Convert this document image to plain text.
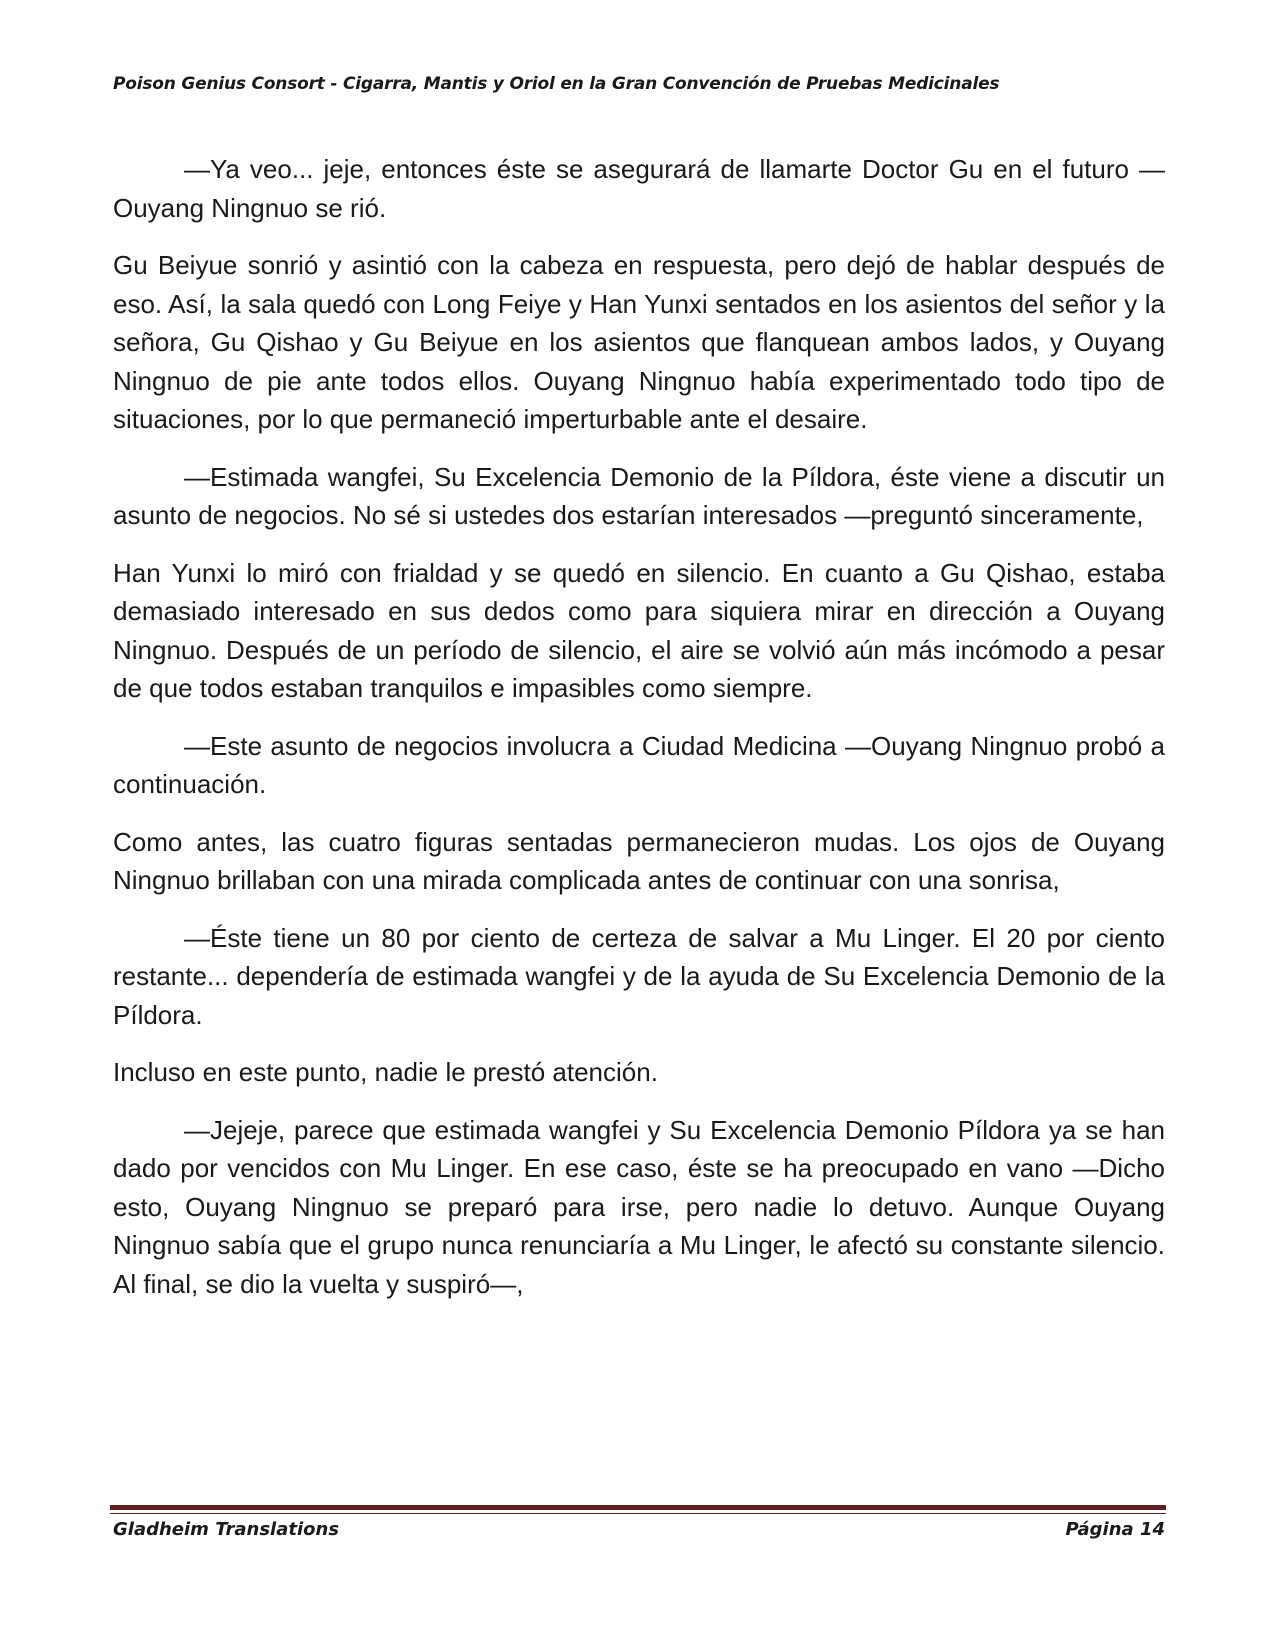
Poison Genius Consort - Cigarra, Mantis y Oriol en la Gran Convención de Pruebas Medicinales

—Ya veo... jeje, entonces éste se asegurará de llamarte Doctor Gu en el futuro —Ouyang Ningnuo se rió.

Gu Beiyue sonrió y asintió con la cabeza en respuesta, pero dejó de hablar después de eso. Así, la sala quedó con Long Feiye y Han Yunxi sentados en los asientos del señor y la señora, Gu Qishao y Gu Beiyue en los asientos que flanquean ambos lados, y Ouyang Ningnuo de pie ante todos ellos. Ouyang Ningnuo había experimentado todo tipo de situaciones, por lo que permaneció imperturbable ante el desaire.

—Estimada wangfei, Su Excelencia Demonio de la Píldora, éste viene a discutir un asunto de negocios. No sé si ustedes dos estarían interesados —preguntó sinceramente,

Han Yunxi lo miró con frialdad y se quedó en silencio. En cuanto a Gu Qishao, estaba demasiado interesado en sus dedos como para siquiera mirar en dirección a Ouyang Ningnuo. Después de un período de silencio, el aire se volvió aún más incómodo a pesar de que todos estaban tranquilos e impasibles como siempre.

—Este asunto de negocios involucra a Ciudad Medicina —Ouyang Ningnuo probó a continuación.

Como antes, las cuatro figuras sentadas permanecieron mudas. Los ojos de Ouyang Ningnuo brillaban con una mirada complicada antes de continuar con una sonrisa,

—Éste tiene un 80 por ciento de certeza de salvar a Mu Linger. El 20 por ciento restante... dependería de estimada wangfei y de la ayuda de Su Excelencia Demonio de la Píldora.

Incluso en este punto, nadie le prestó atención.

—Jejeje, parece que estimada wangfei y Su Excelencia Demonio Píldora ya se han dado por vencidos con Mu Linger. En ese caso, éste se ha preocupado en vano —Dicho esto, Ouyang Ningnuo se preparó para irse, pero nadie lo detuvo. Aunque Ouyang Ningnuo sabía que el grupo nunca renunciaría a Mu Linger, le afectó su constante silencio. Al final, se dio la vuelta y suspiró—,

Gladheim Translations	Página 14
